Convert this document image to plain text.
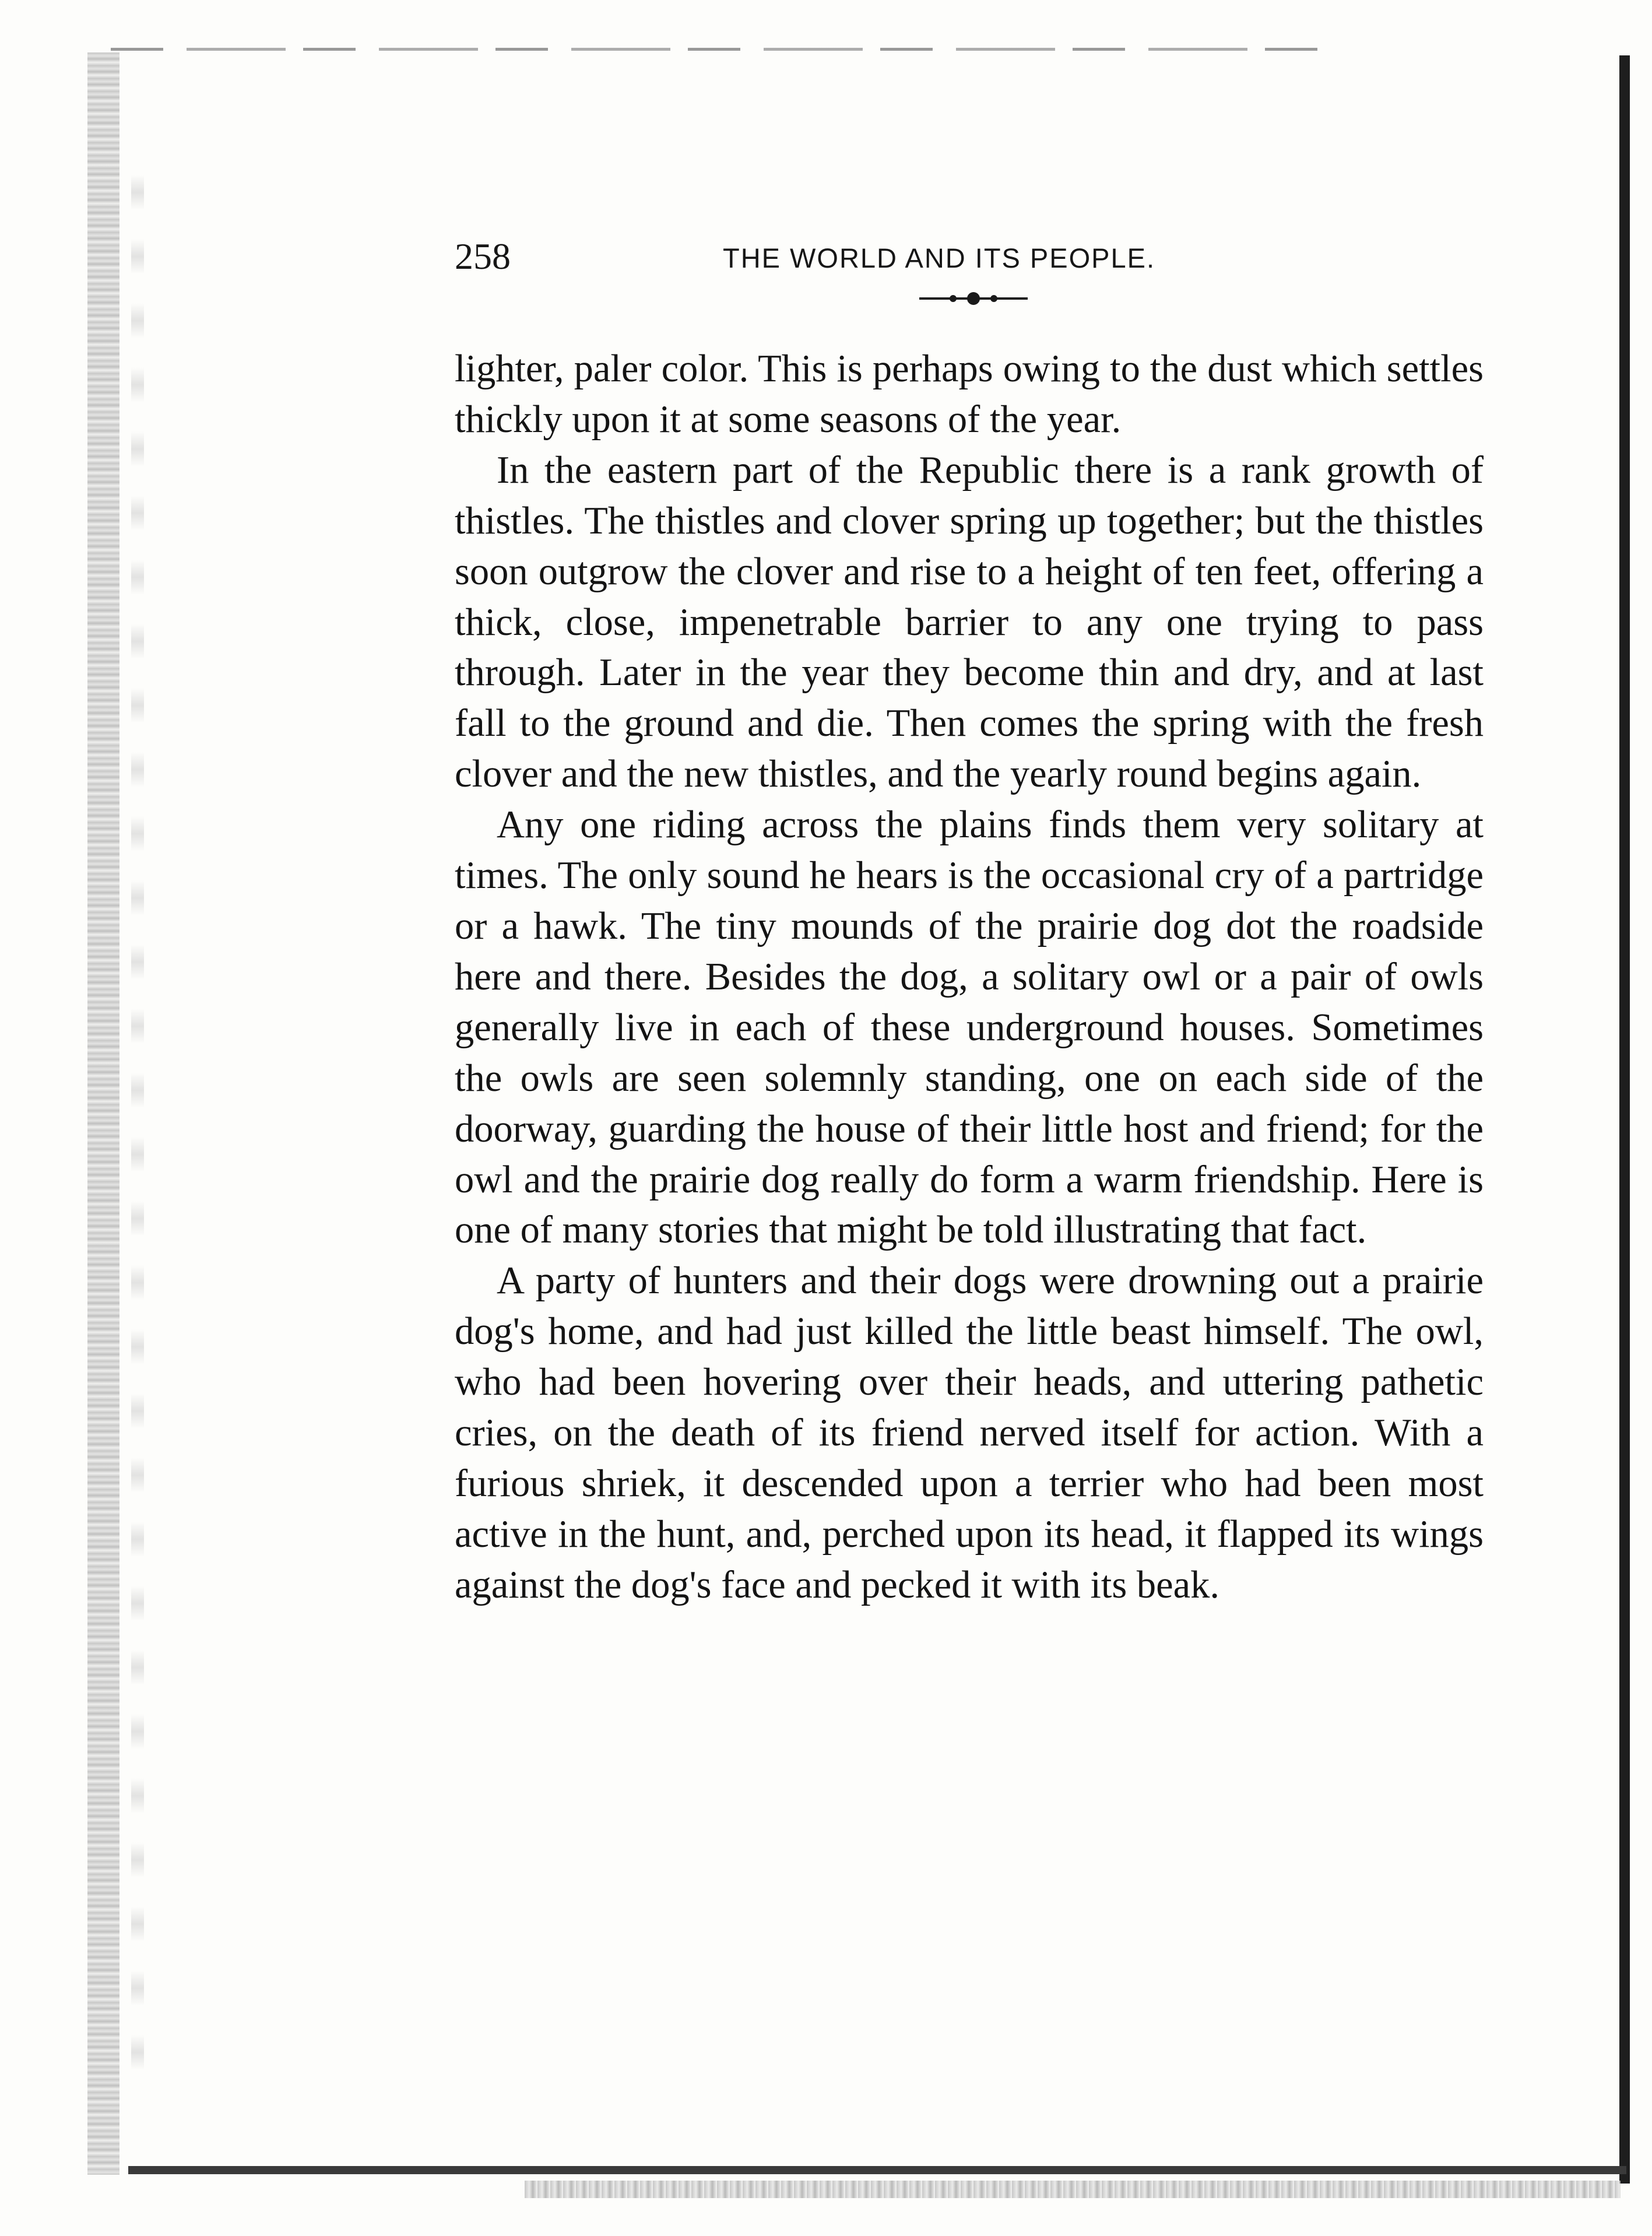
258	THE WORLD AND ITS PEOPLE.

lighter, paler color. This is perhaps owing to the dust which settles thickly upon it at some seasons of the year.

In the eastern part of the Republic there is a rank growth of thistles. The thistles and clover spring up together; but the thistles soon outgrow the clover and rise to a height of ten feet, offering a thick, close, impenetrable barrier to any one trying to pass through. Later in the year they become thin and dry, and at last fall to the ground and die. Then comes the spring with the fresh clover and the new thistles, and the yearly round begins again.

Any one riding across the plains finds them very solitary at times. The only sound he hears is the occasional cry of a partridge or a hawk. The tiny mounds of the prairie dog dot the roadside here and there. Besides the dog, a solitary owl or a pair of owls generally live in each of these underground houses. Sometimes the owls are seen solemnly standing, one on each side of the doorway, guarding the house of their little host and friend; for the owl and the prairie dog really do form a warm friendship. Here is one of many stories that might be told illustrating that fact.

A party of hunters and their dogs were drowning out a prairie dog's home, and had just killed the little beast himself. The owl, who had been hovering over their heads, and uttering pathetic cries, on the death of its friend nerved itself for action. With a furious shriek, it descended upon a terrier who had been most active in the hunt, and, perched upon its head, it flapped its wings against the dog's face and pecked it with its beak.
